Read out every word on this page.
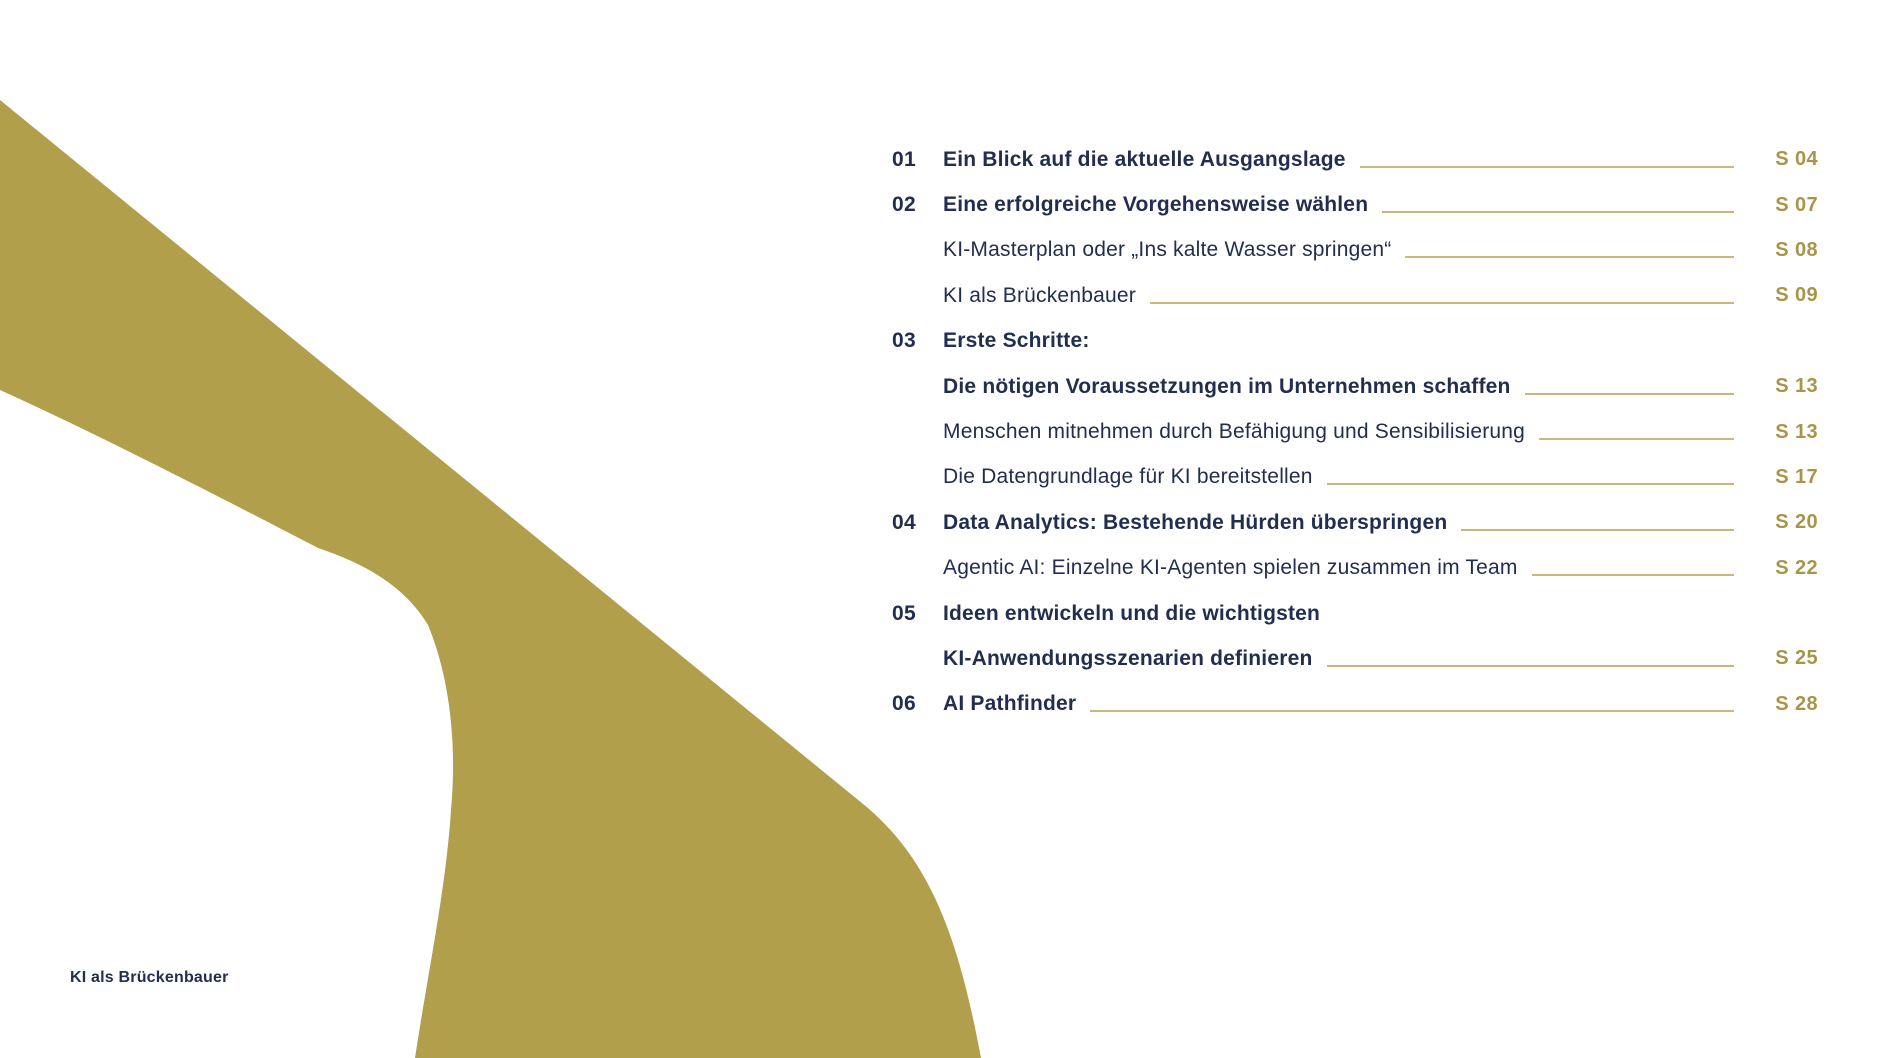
01	Ein Blick auf die aktuelle Ausgangslage	S 04
02	Eine erfolgreiche Vorgehensweise wählen	S 07
KI-Masterplan oder „Ins kalte Wasser springen“	S 08
KI als Brückenbauer	S 09
03	Erste Schritte:
Die nötigen Voraussetzungen im Unternehmen schaffen	S 13
Menschen mitnehmen durch Befähigung und Sensibilisierung	S 13
Die Datengrundlage für KI bereitstellen	S 17
04	Data Analytics: Bestehende Hürden überspringen	S 20
Agentic AI: Einzelne KI-Agenten spielen zusammen im Team	S 22
05	Ideen entwickeln und die wichtigsten
KI-Anwendungsszenarien definieren	S 25
06	AI Pathfinder	S 28
KI als Brückenbauer
